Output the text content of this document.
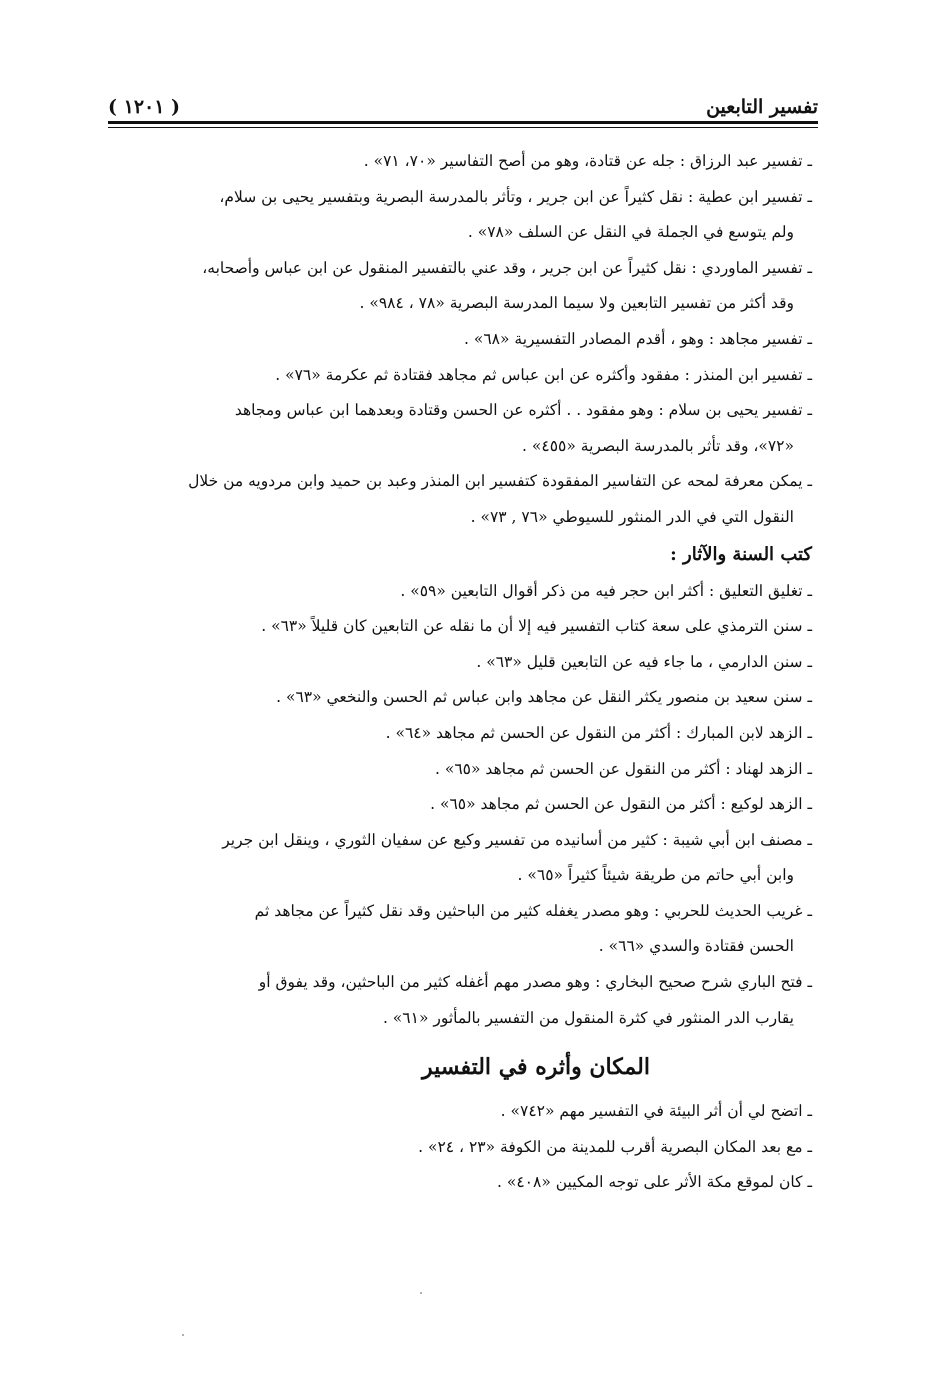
تفسير التابعين
( ١٢٠١ )

ـ تفسير عبد الرزاق : جله عن قتادة، وهو من أصح التفاسير «٧٠، ٧١» .

ـ تفسير ابن عطية : نقل كثيراً عن ابن جرير ، وتأثر بالمدرسة البصرية وبتفسير يحيى بن سلام،
ولم يتوسع في الجملة في النقل عن السلف «٧٨» .

ـ تفسير الماوردي : نقل كثيراً عن ابن جرير ، وقد عني بالتفسير المنقول عن ابن عباس وأصحابه،
وقد أكثر من تفسير التابعين ولا سيما المدرسة البصرية «٧٨ ، ٩٨٤» .

ـ تفسير مجاهد : وهو ، أقدم المصادر التفسيرية «٦٨» .

ـ تفسير ابن المنذر : مفقود وأكثره عن ابن عباس ثم مجاهد فقتادة ثم عكرمة «٧٦» .

ـ تفسير يحيى بن سلام : وهو مفقود . . أكثره عن الحسن وقتادة وبعدهما ابن عباس ومجاهد
«٧٢»، وقد تأثر بالمدرسة البصرية «٤٥٥» .

ـ يمكن معرفة لمحه عن التفاسير المفقودة كتفسير ابن المنذر وعبد بن حميد وابن مردويه من خلال
النقول التي في الدر المنثور للسيوطي «٧٦ , ٧٣» .

كتب السنة والآثار :

ـ تغليق التعليق : أكثر ابن حجر فيه من ذكر أقوال التابعين «٥٩» .

ـ سنن الترمذي على سعة كتاب التفسير فيه إلا أن ما نقله عن التابعين كان قليلاً «٦٣» .

ـ سنن الدارمي ، ما جاء فيه عن التابعين قليل «٦٣» .

ـ سنن سعيد بن منصور يكثر النقل عن مجاهد وابن عباس ثم الحسن والنخعي «٦٣» .

ـ الزهد لابن المبارك : أكثر من النقول عن الحسن ثم مجاهد «٦٤» .

ـ الزهد لهناد : أكثر من النقول عن الحسن ثم مجاهد «٦٥» .

ـ الزهد لوكيع : أكثر من النقول عن الحسن ثم مجاهد «٦٥» .

ـ مصنف ابن أبي شيبة : كثير من أسانيده من تفسير وكيع عن سفيان الثوري ، وينقل ابن جرير
وابن أبي حاتم من طريقة شيئاً كثيراً «٦٥» .

ـ غريب الحديث للحربي : وهو مصدر يغفله كثير من الباحثين وقد نقل كثيراً عن مجاهد ثم
الحسن فقتادة والسدي «٦٦» .

ـ فتح الباري شرح صحيح البخاري : وهو مصدر مهم أغفله كثير من الباحثين، وقد يفوق أو
يقارب الدر المنثور في كثرة المنقول من التفسير بالمأثور «٦١» .

المكان وأثره في التفسير

ـ اتضح لي أن أثر البيئة في التفسير مهم «٧٤٢» .

ـ مع بعد المكان البصرية أقرب للمدينة من الكوفة «٢٣ ، ٢٤» .

ـ كان لموقع مكة الأثر على توجه المكيين «٤٠٨» .
